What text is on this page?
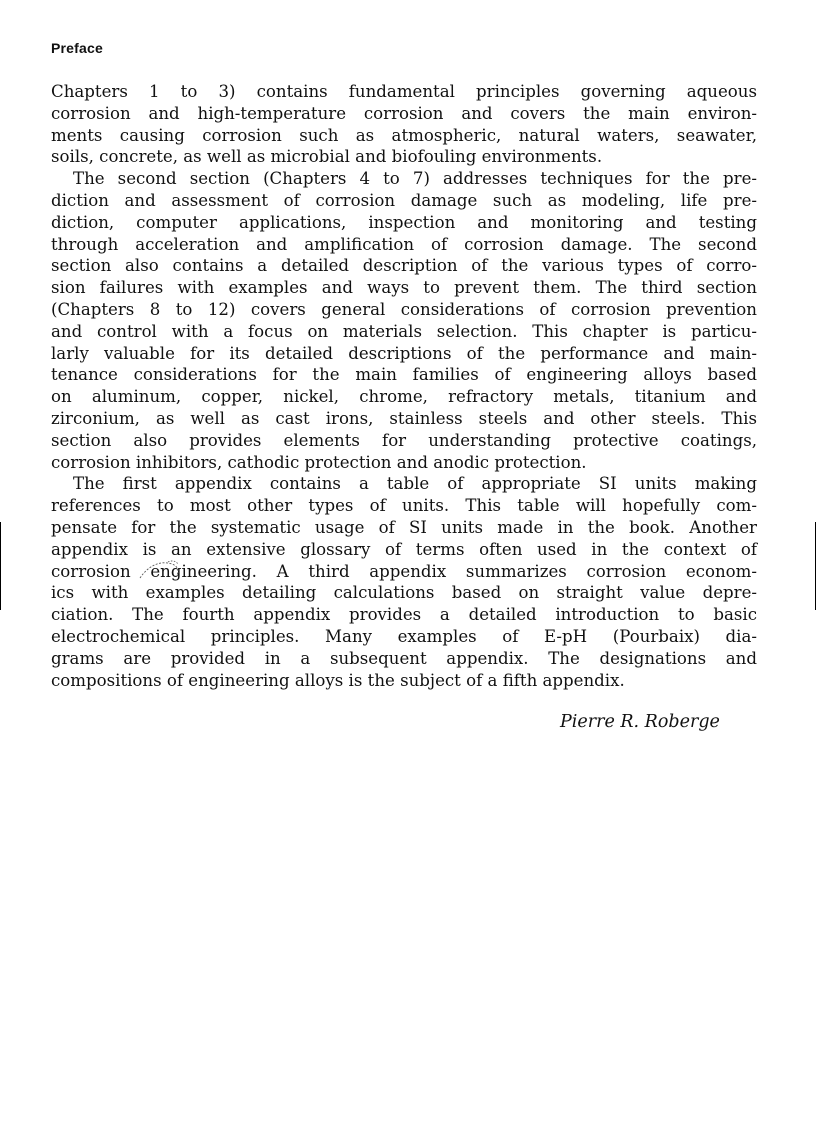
Preface
Chapters 1 to 3) contains fundamental principles governing aqueous
corrosion and high-temperature corrosion and covers the main environ-
ments causing corrosion such as atmospheric, natural waters, seawater,
soils, concrete, as well as microbial and biofouling environments.
The second section (Chapters 4 to 7) addresses techniques for the pre-
diction and assessment of corrosion damage such as modeling, life pre-
diction, computer applications, inspection and monitoring and testing
through acceleration and amplification of corrosion damage. The second
section also contains a detailed description of the various types of corro-
sion failures with examples and ways to prevent them. The third section
(Chapters 8 to 12) covers general considerations of corrosion prevention
and control with a focus on materials selection. This chapter is particu-
larly valuable for its detailed descriptions of the performance and main-
tenance considerations for the main families of engineering alloys based
on aluminum, copper, nickel, chrome, refractory metals, titanium and
zirconium, as well as cast irons, stainless steels and other steels. This
section also provides elements for understanding protective coatings,
corrosion inhibitors, cathodic protection and anodic protection.
The first appendix contains a table of appropriate SI units making
references to most other types of units. This table will hopefully com-
pensate for the systematic usage of SI units made in the book. Another
appendix is an extensive glossary of terms often used in the context of
corrosion engineering. A third appendix summarizes corrosion econom-
ics with examples detailing calculations based on straight value depre-
ciation. The fourth appendix provides a detailed introduction to basic
electrochemical principles. Many examples of E-pH (Pourbaix) dia-
grams are provided in a subsequent appendix. The designations and
compositions of engineering alloys is the subject of a fifth appendix.
Pierre R. Roberge
